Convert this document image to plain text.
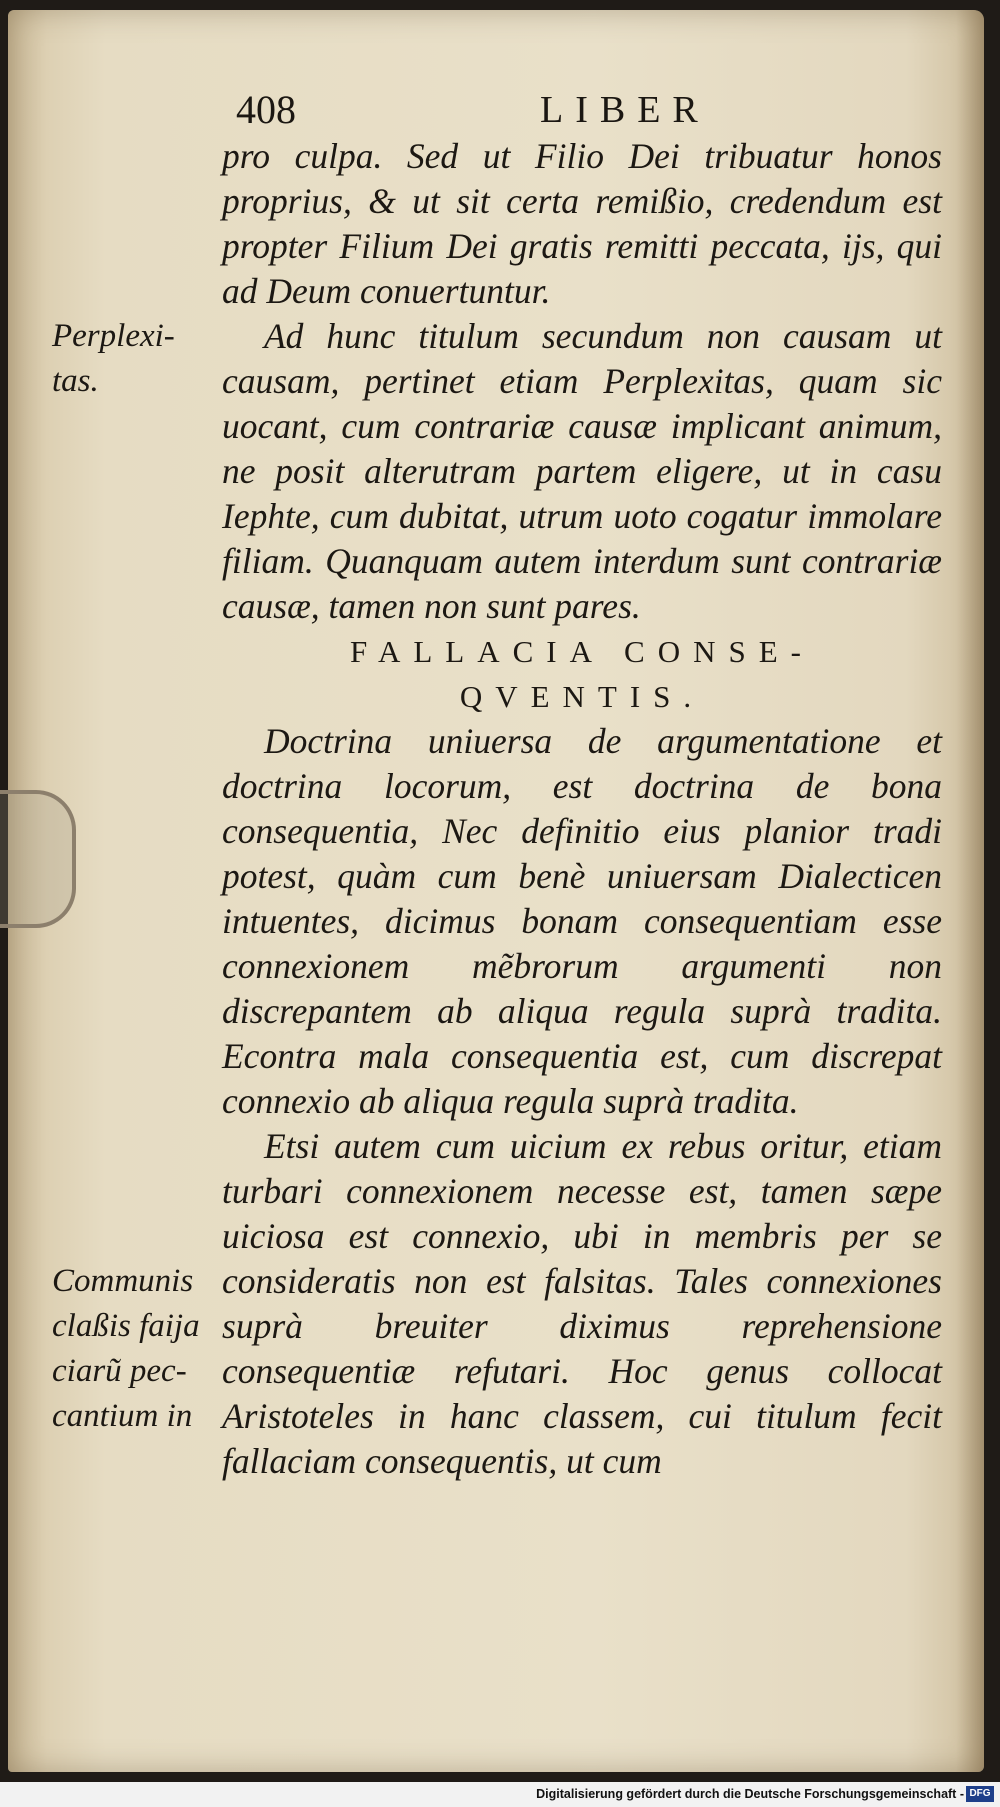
408	LIBER
Perplexi-
tas.
Communis
claßis faija
ciarũ pec-
cantium in

pro culpa. Sed ut Filio Dei tribuatur honos proprius, & ut sit certa remißio, credendum est propter Filium Dei gratis remitti peccata, ijs, qui ad Deum conuertuntur.

Ad hunc titulum secundum non causam ut causam, pertinet etiam Perplexitas, quam sic uocant, cum contrariæ causæ implicant animum, ne posit alterutram partem eligere, ut in casu Iephte, cum dubitat, utrum uoto cogatur immolare filiam. Quanquam autem interdum sunt contrariæ causæ, tamen non sunt pares.

FALLACIA CONSE-
QVENTIS.

Doctrina uniuersa de argumentatione et doctrina locorum, est doctrina de bona consequentia, Nec definitio eius planior tradi potest, quàm cum benè uniuersam Dialecticen intuentes, dicimus bonam consequentiam esse connexionem mẽbrorum argumenti non discrepantem ab aliqua regula suprà tradita. Econtra mala consequentia est, cum discrepat connexio ab aliqua regula suprà tradita.

Etsi autem cum uicium ex rebus oritur, etiam turbari connexionem necesse est, tamen sæpe uiciosa est connexio, ubi in membris per se consideratis non est falsitas. Tales connexiones suprà breuiter diximus reprehensione consequentiæ refutari. Hoc genus collocat Aristoteles in hanc classem, cui titulum fecit fallaciam consequentis, ut cum

Digitalisierung gefördert durch die Deutsche Forschungsgemeinschaft - DFG
